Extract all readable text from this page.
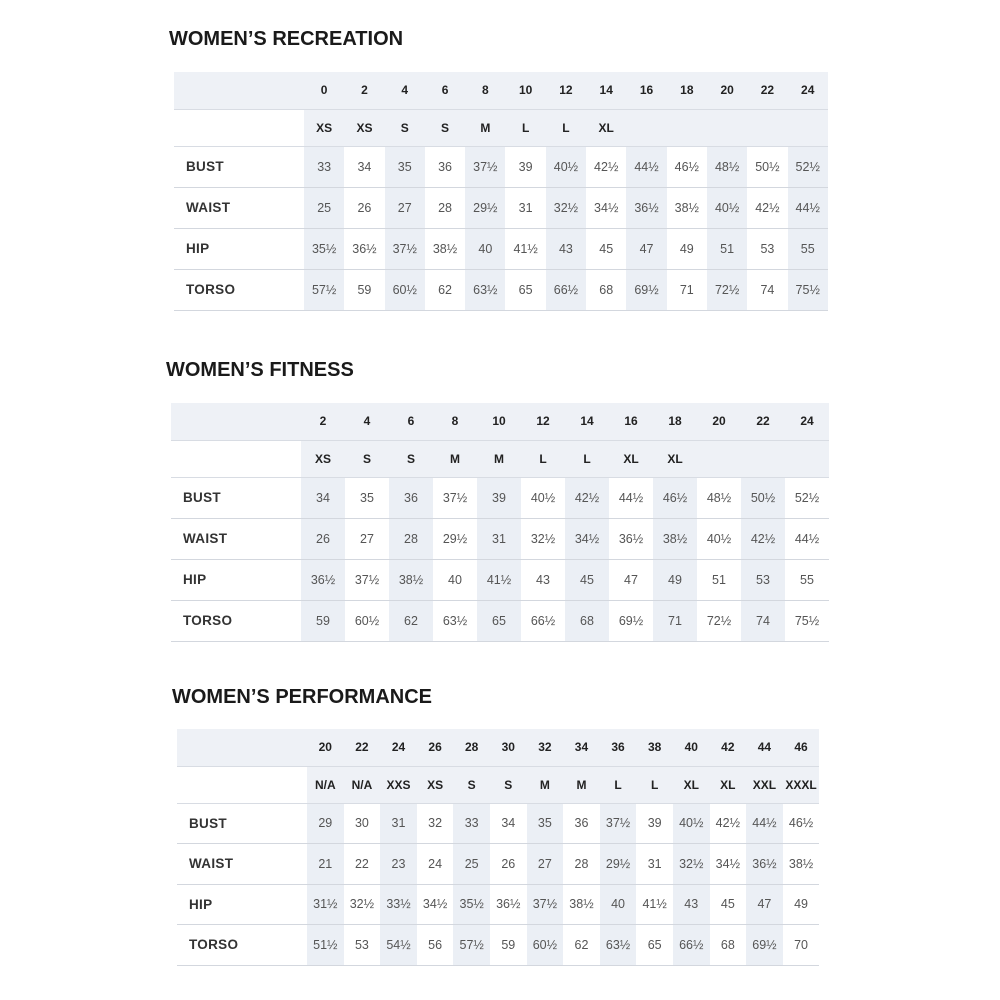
WOMEN’S RECREATION
	0	2	4	6	8	10	12	14	16	18	20	22	24
	XS	XS	S	S	M	L	L	XL					
BUST	33	34	35	36	37½	39	40½	42½	44½	46½	48½	50½	52½
WAIST	25	26	27	28	29½	31	32½	34½	36½	38½	40½	42½	44½
HIP	35½	36½	37½	38½	40	41½	43	45	47	49	51	53	55
TORSO	57½	59	60½	62	63½	65	66½	68	69½	71	72½	74	75½
WOMEN’S FITNESS
	2	4	6	8	10	12	14	16	18	20	22	24
	XS	S	S	M	M	L	L	XL	XL			
BUST	34	35	36	37½	39	40½	42½	44½	46½	48½	50½	52½
WAIST	26	27	28	29½	31	32½	34½	36½	38½	40½	42½	44½
HIP	36½	37½	38½	40	41½	43	45	47	49	51	53	55
TORSO	59	60½	62	63½	65	66½	68	69½	71	72½	74	75½
WOMEN’S PERFORMANCE
	20	22	24	26	28	30	32	34	36	38	40	42	44	46
	N/A	N/A	XXS	XS	S	S	M	M	L	L	XL	XL	XXL	XXXL
BUST	29	30	31	32	33	34	35	36	37½	39	40½	42½	44½	46½
WAIST	21	22	23	24	25	26	27	28	29½	31	32½	34½	36½	38½
HIP	31½	32½	33½	34½	35½	36½	37½	38½	40	41½	43	45	47	49
TORSO	51½	53	54½	56	57½	59	60½	62	63½	65	66½	68	69½	70
